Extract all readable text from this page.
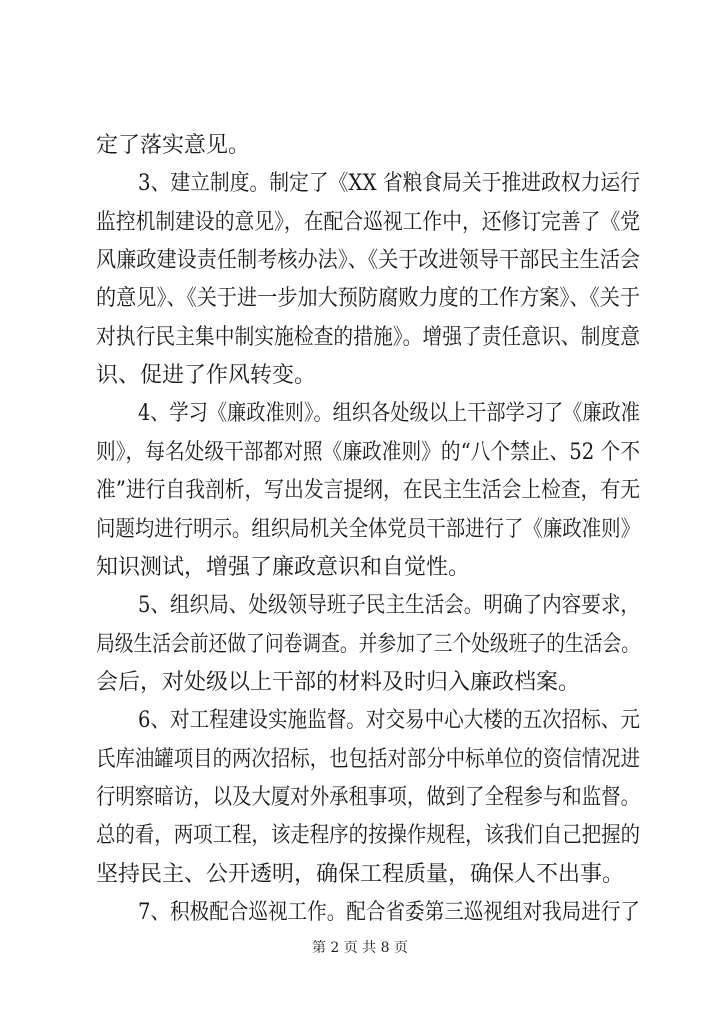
定了落实意见。
3、建立制度。制定了《XX 省粮食局关于推进政权力运行
监控机制建设的意见》，在配合巡视工作中，还修订完善了《党
风廉政建设责任制考核办法》、《关于改进领导干部民主生活会
的意见》、《关于进一步加大预防腐败力度的工作方案》、《关于
对执行民主集中制实施检查的措施》。增强了责任意识、制度意
识、促进了作风转变。
4、学习《廉政准则》。组织各处级以上干部学习了《廉政准
则》，每名处级干部都对照《廉政准则》的“八个禁止、52 个不
准”进行自我剖析，写出发言提纲，在民主生活会上检查，有无
问题均进行明示。组织局机关全体党员干部进行了《廉政准则》
知识测试，增强了廉政意识和自觉性。
5、组织局、处级领导班子民主生活会。明确了内容要求，
局级生活会前还做了问卷调查。并参加了三个处级班子的生活会。
会后，对处级以上干部的材料及时归入廉政档案。
6、对工程建设实施监督。对交易中心大楼的五次招标、元
氏库油罐项目的两次招标，也包括对部分中标单位的资信情况进
行明察暗访，以及大厦对外承租事项，做到了全程参与和监督。
总的看，两项工程，该走程序的按操作规程，该我们自己把握的
坚持民主、公开透明，确保工程质量，确保人不出事。
7、积极配合巡视工作。配合省委第三巡视组对我局进行了
第 2 页 共 8 页
